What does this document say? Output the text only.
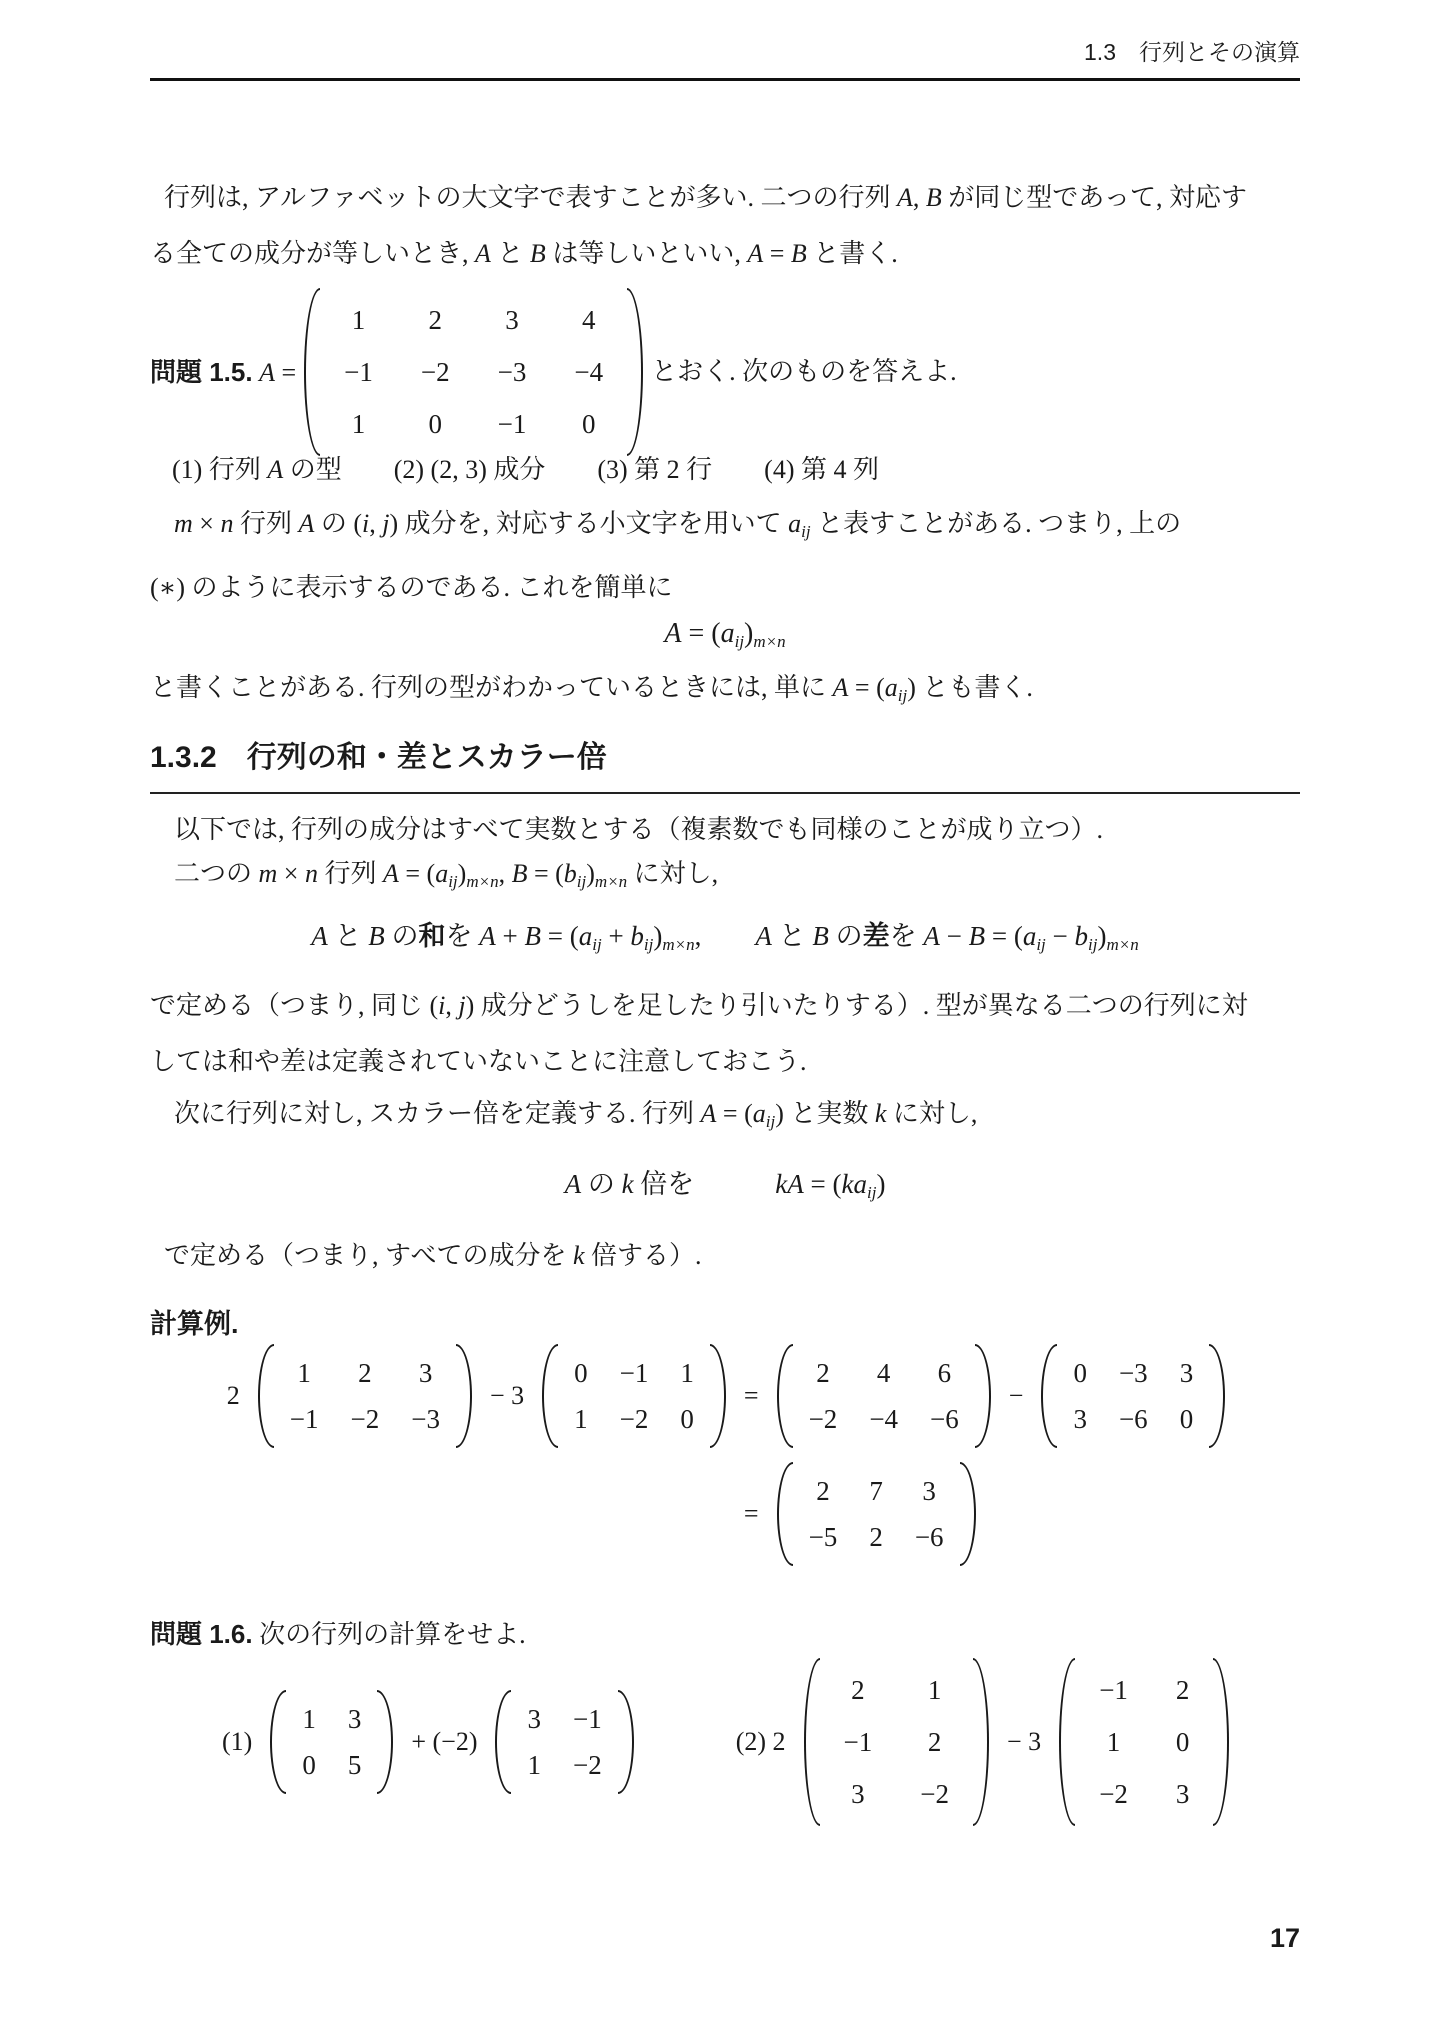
1.3　行列とその演算
行列は, アルファベットの大文字で表すことが多い. 二つの行列 A, B が同じ型であって, 対応す
る全ての成分が等しいとき, A と B は等しいといい, A = B と書く.
問題 1.5. A =
1	2	3	4
−1	−2	−3	−4
1	0	−1	0
とおく. 次のものを答えよ.
(1) 行列 A の型　　(2) (2, 3) 成分　　(3) 第 2 行　　(4) 第 4 列
m × n 行列 A の (i, j) 成分を, 対応する小文字を用いて aij と表すことがある. つまり, 上の
(∗) のように表示するのである. これを簡単に
A = (aij)m×n
と書くことがある. 行列の型がわかっているときには, 単に A = (aij) とも書く.
1.3.2　行列の和・差とスカラー倍
以下では, 行列の成分はすべて実数とする（複素数でも同様のことが成り立つ）.
二つの m × n 行列 A = (aij)m×n, B = (bij)m×n に対し,
A と B の和を A + B = (aij + bij)m×n,　　A と B の差を A − B = (aij − bij)m×n
で定める（つまり, 同じ (i, j) 成分どうしを足したり引いたりする）. 型が異なる二つの行列に対
しては和や差は定義されていないことに注意しておこう.
次に行列に対し, スカラー倍を定義する. 行列 A = (aij) と実数 k に対し,
A の k 倍を　　　	kA = (kaij)
で定める（つまり, すべての成分を k 倍する）.
計算例.
2
1	2	3
−1	−2	−3
− 3
0	−1	1
1	−2	0
=
2	4	6
−2	−4	−6
−
0	−3	3
3	−6	0
=
2	7	3
−5	2	−6
問題 1.6. 次の行列の計算をせよ.
(1)
1	3
0	5
+ (−2)
3	−1
1	−2
(2) 2
2	1
−1	2
3	−2
− 3
−1	2
1	0
−2	3
17
